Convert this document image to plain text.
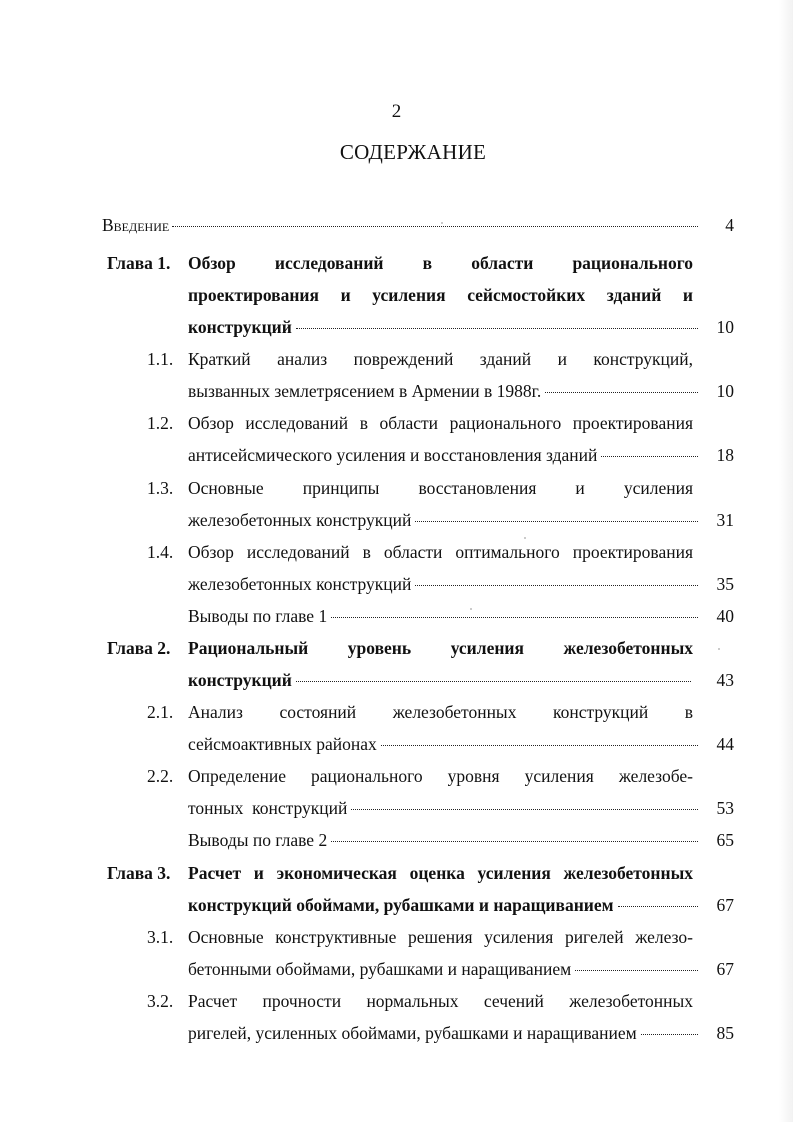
2
СОДЕРЖАНИЕ
Введение	4
Глава 1. Обзор исследований в области рационального
проектирования и усиления сейсмостойких зданий и
конструкций	10
1.1. Краткий анализ повреждений зданий и конструкций,
вызванных землетрясением в Армении в 1988г.	10
1.2. Обзор исследований в области рационального проектирования
антисейсмического усиления и восстановления зданий	18
1.3. Основные принципы восстановления и усиления
железобетонных конструкций	31
1.4. Обзор исследований в области оптимального проектирования
железобетонных конструкций	35
Выводы по главе 1	40
Глава 2. Рациональный уровень усиления железобетонных
конструкций	43
2.1. Анализ состояний железобетонных конструкций в
сейсмоактивных районах	44
2.2. Определение рационального уровня усиления железобе-
тонных  конструкций	53
Выводы по главе 2	65
Глава 3. Расчет и экономическая оценка усиления железобетонных
конструкций обоймами, рубашками и наращиванием	67
3.1. Основные конструктивные решения усиления ригелей железо-
бетонными обоймами, рубашками и наращиванием	67
3.2. Расчет прочности нормальных сечений железобетонных
ригелей, усиленных обоймами, рубашками и наращиванием	85
